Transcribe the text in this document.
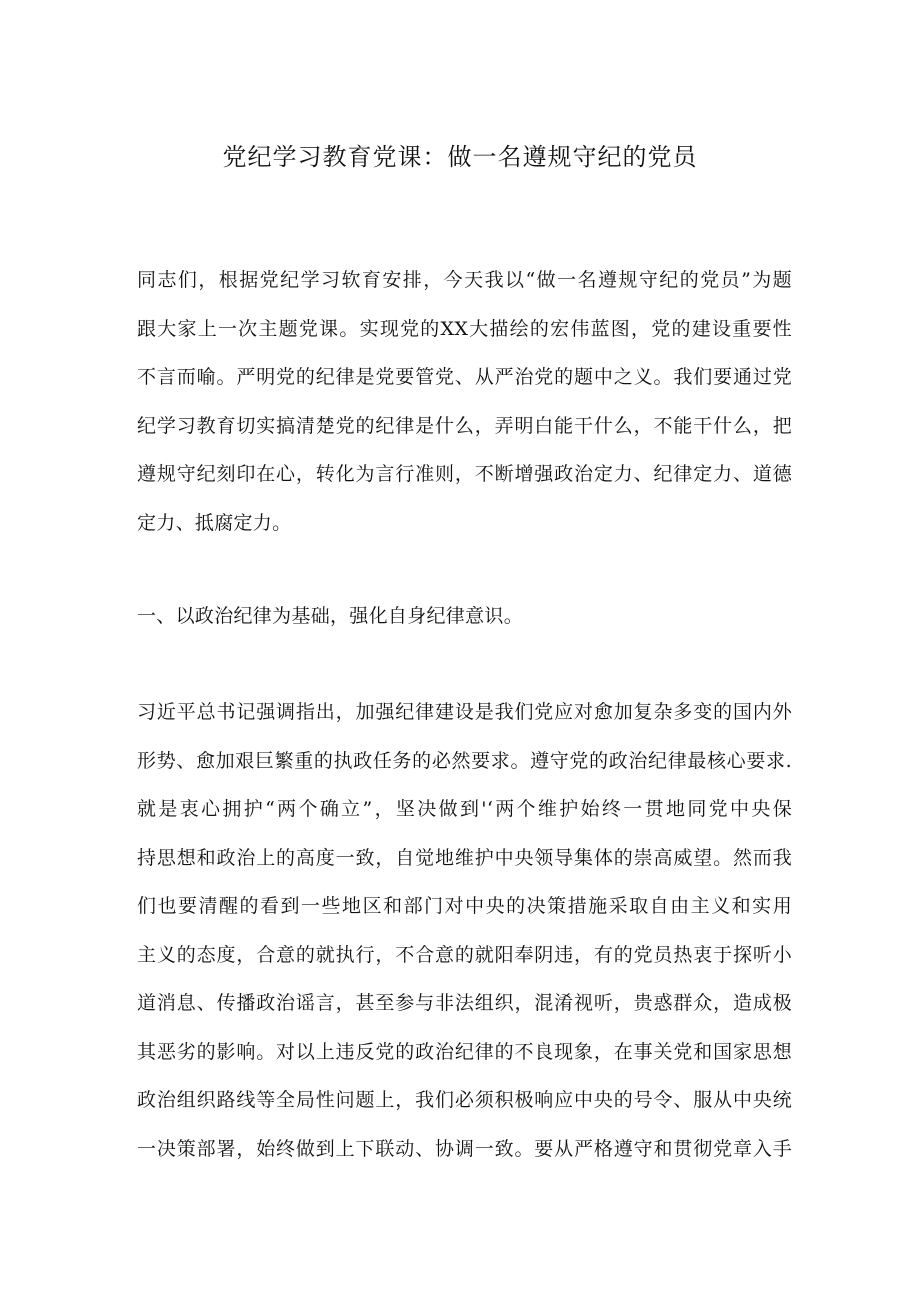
党纪学习教育党课：做一名遵规守纪的党员
同志们，根据党纪学习软育安排，今天我以“做一名遵规守纪的党员”为题
跟大家上一次主题党课。实现党的XX大描绘的宏伟蓝图，党的建设重要性
不言而喻。严明党的纪律是党要管党、从严治党的题中之义。我们要通过党
纪学习教育切实搞清楚党的纪律是什么，弄明白能干什么，不能干什么，把
遵规守纪刻印在心，转化为言行准则，不断增强政治定力、纪律定力、道德
定力、抵腐定力。
一、以政治纪律为基础，强化自身纪律意识。
习近平总书记强调指出，加强纪律建设是我们党应对愈加复杂多变的国内外
形势、愈加艰巨繁重的执政任务的必然要求。遵守党的政治纪律最核心要求.
就是衷心拥护“两个确立”，坚决做到'‘两个维护始终一贯地同党中央保
持思想和政治上的高度一致，自觉地维护中央领导集体的崇高威望。然而我
们也要清醒的看到一些地区和部门对中央的决策措施采取自由主义和实用
主义的态度，合意的就执行，不合意的就阳奉阴违，有的党员热衷于探听小
道消息、传播政治谣言，甚至参与非法组织，混淆视听，贵惑群众，造成极
其恶劣的影响。对以上违反党的政治纪律的不良现象，在事关党和国家思想
政治组织路线等全局性问题上，我们必须积极响应中央的号令、服从中央统
一决策部署，始终做到上下联动、协调一致。要从严格遵守和贯彻党章入手
